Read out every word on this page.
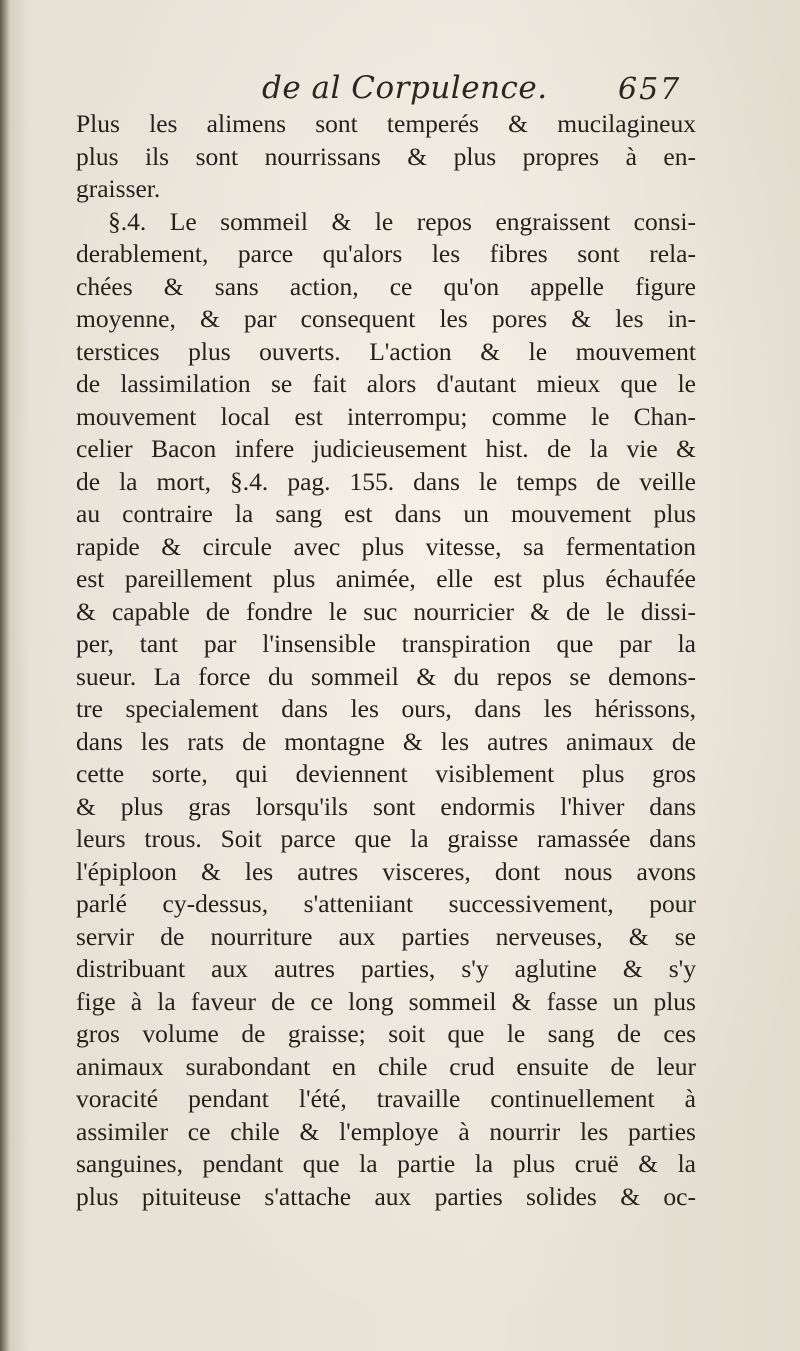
de al Corpulence. 657
Plus les alimens sont temperés & mucilagineux
plus ils sont nourrissans & plus propres à en-
graisser.
§.4. Le sommeil & le repos engraissent consi-
derablement, parce qu'alors les fibres sont rela-
chées & sans action, ce qu'on appelle figure
moyenne, & par consequent les pores & les in-
terstices plus ouverts. L'action & le mouvement
de lassimilation se fait alors d'autant mieux que le
mouvement local est interrompu; comme le Chan-
celier Bacon infere judicieusement hist. de la vie &
de la mort, §.4. pag. 155. dans le temps de veille
au contraire la sang est dans un mouvement plus
rapide & circule avec plus vitesse, sa fermentation
est pareillement plus animée, elle est plus échaufée
& capable de fondre le suc nourricier & de le dissi-
per, tant par l'insensible transpiration que par la
sueur. La force du sommeil & du repos se demons-
tre specialement dans les ours, dans les hérissons,
dans les rats de montagne & les autres animaux de
cette sorte, qui deviennent visiblement plus gros
& plus gras lorsqu'ils sont endormis l'hiver dans
leurs trous. Soit parce que la graisse ramassée dans
l'épiploon & les autres visceres, dont nous avons
parlé cy-dessus, s'atteniiant successivement, pour
servir de nourriture aux parties nerveuses, & se
distribuant aux autres parties, s'y aglutine & s'y
fige à la faveur de ce long sommeil & fasse un plus
gros volume de graisse; soit que le sang de ces
animaux surabondant en chile crud ensuite de leur
voracité pendant l'été, travaille continuellement à
assimiler ce chile & l'employe à nourrir les parties
sanguines, pendant que la partie la plus cruë & la
plus pituiteuse s'attache aux parties solides & oc-
